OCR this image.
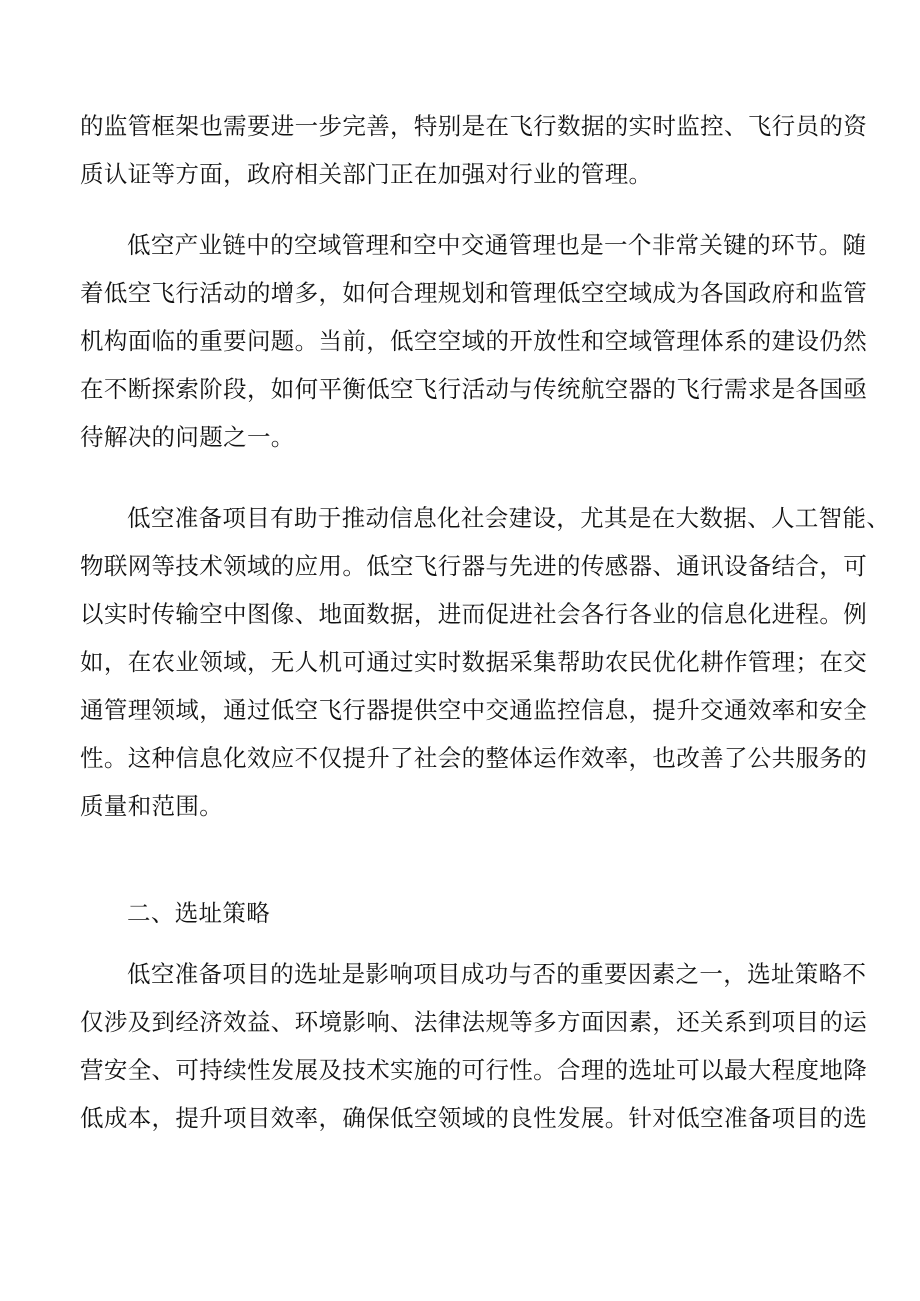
的监管框架也需要进一步完善，特别是在飞行数据的实时监控、飞行员的资
质认证等方面，政府相关部门正在加强对行业的管理。
低空产业链中的空域管理和空中交通管理也是一个非常关键的环节。随
着低空飞行活动的增多，如何合理规划和管理低空空域成为各国政府和监管
机构面临的重要问题。当前，低空空域的开放性和空域管理体系的建设仍然
在不断探索阶段，如何平衡低空飞行活动与传统航空器的飞行需求是各国亟
待解决的问题之一。
低空准备项目有助于推动信息化社会建设，尤其是在大数据、人工智能、
物联网等技术领域的应用。低空飞行器与先进的传感器、通讯设备结合，可
以实时传输空中图像、地面数据，进而促进社会各行各业的信息化进程。例
如，在农业领域，无人机可通过实时数据采集帮助农民优化耕作管理；在交
通管理领域，通过低空飞行器提供空中交通监控信息，提升交通效率和安全
性。这种信息化效应不仅提升了社会的整体运作效率，也改善了公共服务的
质量和范围。
二、选址策略
低空准备项目的选址是影响项目成功与否的重要因素之一，选址策略不
仅涉及到经济效益、环境影响、法律法规等多方面因素，还关系到项目的运
营安全、可持续性发展及技术实施的可行性。合理的选址可以最大程度地降
低成本，提升项目效率，确保低空领域的良性发展。针对低空准备项目的选
